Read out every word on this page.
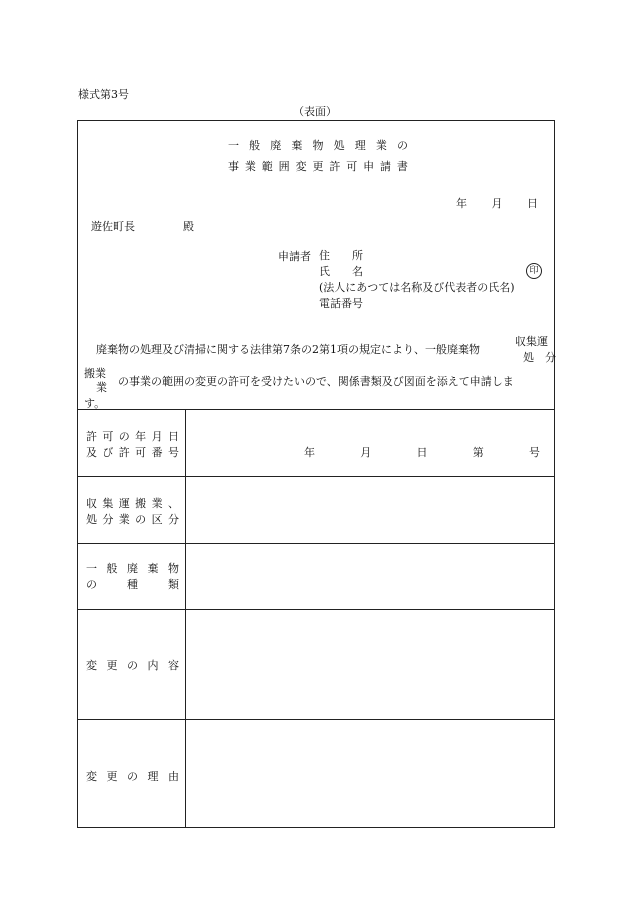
様式第3号
（表面）
一 般 廃 棄 物 処 理 業 の
事 業 範 囲 変 更 許 可 申 請 書
年 月 日
遊佐町長	殿
申請者 住　　所
氏　　名
(法人にあつては名称及び代表者の氏名)
電話番号
印
廃棄物の処理及び清掃に関する法律第7条の2第1項の規定により、一般廃棄物
収集運
処　分
搬業
業 の事業の範囲の変更の許可を受けたいので、関係書類及び図面を添えて申請しま
す。
許 可 の 年 月 日
及 び 許 可 番 号	年	月	日	第	号
収 集 運 搬 業 、
処 分 業 の 区 分
一 般 廃 棄 物
の	種	類
変 更 の 内 容
変 更 の 理 由
